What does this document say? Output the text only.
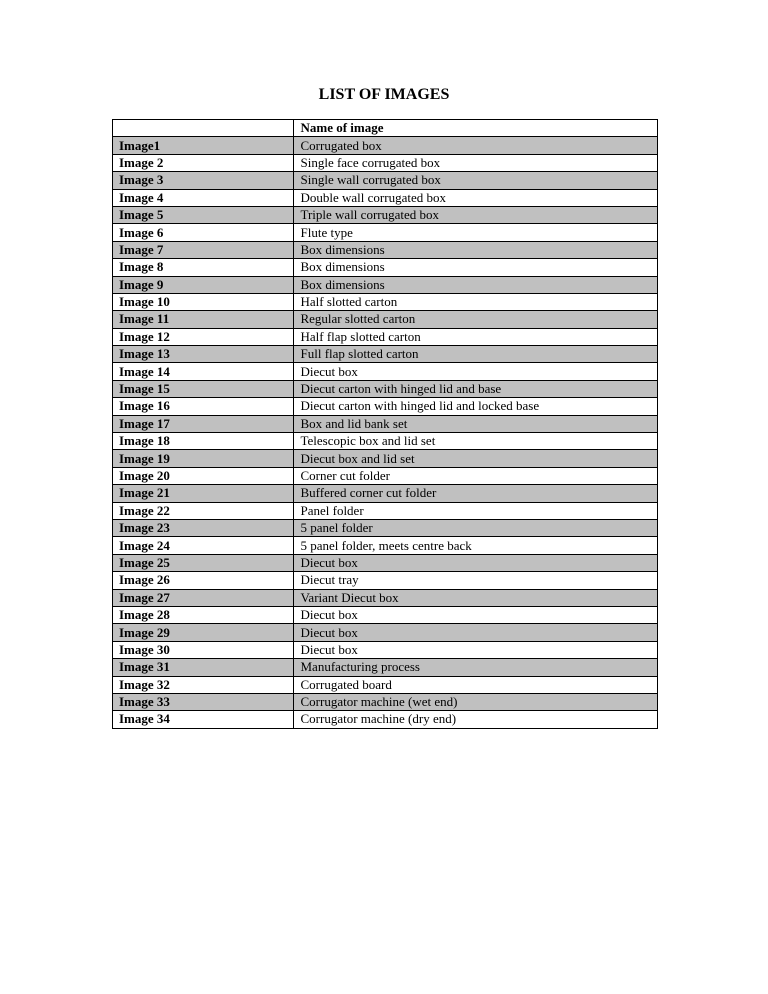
LIST OF IMAGES
	Name of image
Image1	Corrugated box
Image 2	Single face corrugated box
Image 3	Single wall corrugated box
Image 4	Double wall corrugated box
Image 5	Triple wall corrugated box
Image 6	Flute type
Image 7	Box dimensions
Image 8	Box dimensions
Image 9	Box dimensions
Image 10	Half slotted carton
Image 11	Regular slotted carton
Image 12	Half flap slotted carton
Image 13	Full flap slotted carton
Image 14	Diecut box
Image 15	Diecut carton with hinged lid and base
Image 16	Diecut carton with hinged lid and locked base
Image 17	Box and lid bank set
Image 18	Telescopic box and lid set
Image 19	Diecut box and lid set
Image 20	Corner cut folder
Image 21	Buffered corner cut folder
Image 22	Panel folder
Image 23	5 panel folder
Image 24	5 panel folder, meets centre back
Image 25	Diecut box
Image 26	Diecut tray
Image 27	Variant Diecut box
Image 28	Diecut box
Image 29	Diecut box
Image 30	Diecut box
Image 31	Manufacturing process
Image 32	Corrugated board
Image 33	Corrugator machine (wet end)
Image 34	Corrugator machine (dry end)
